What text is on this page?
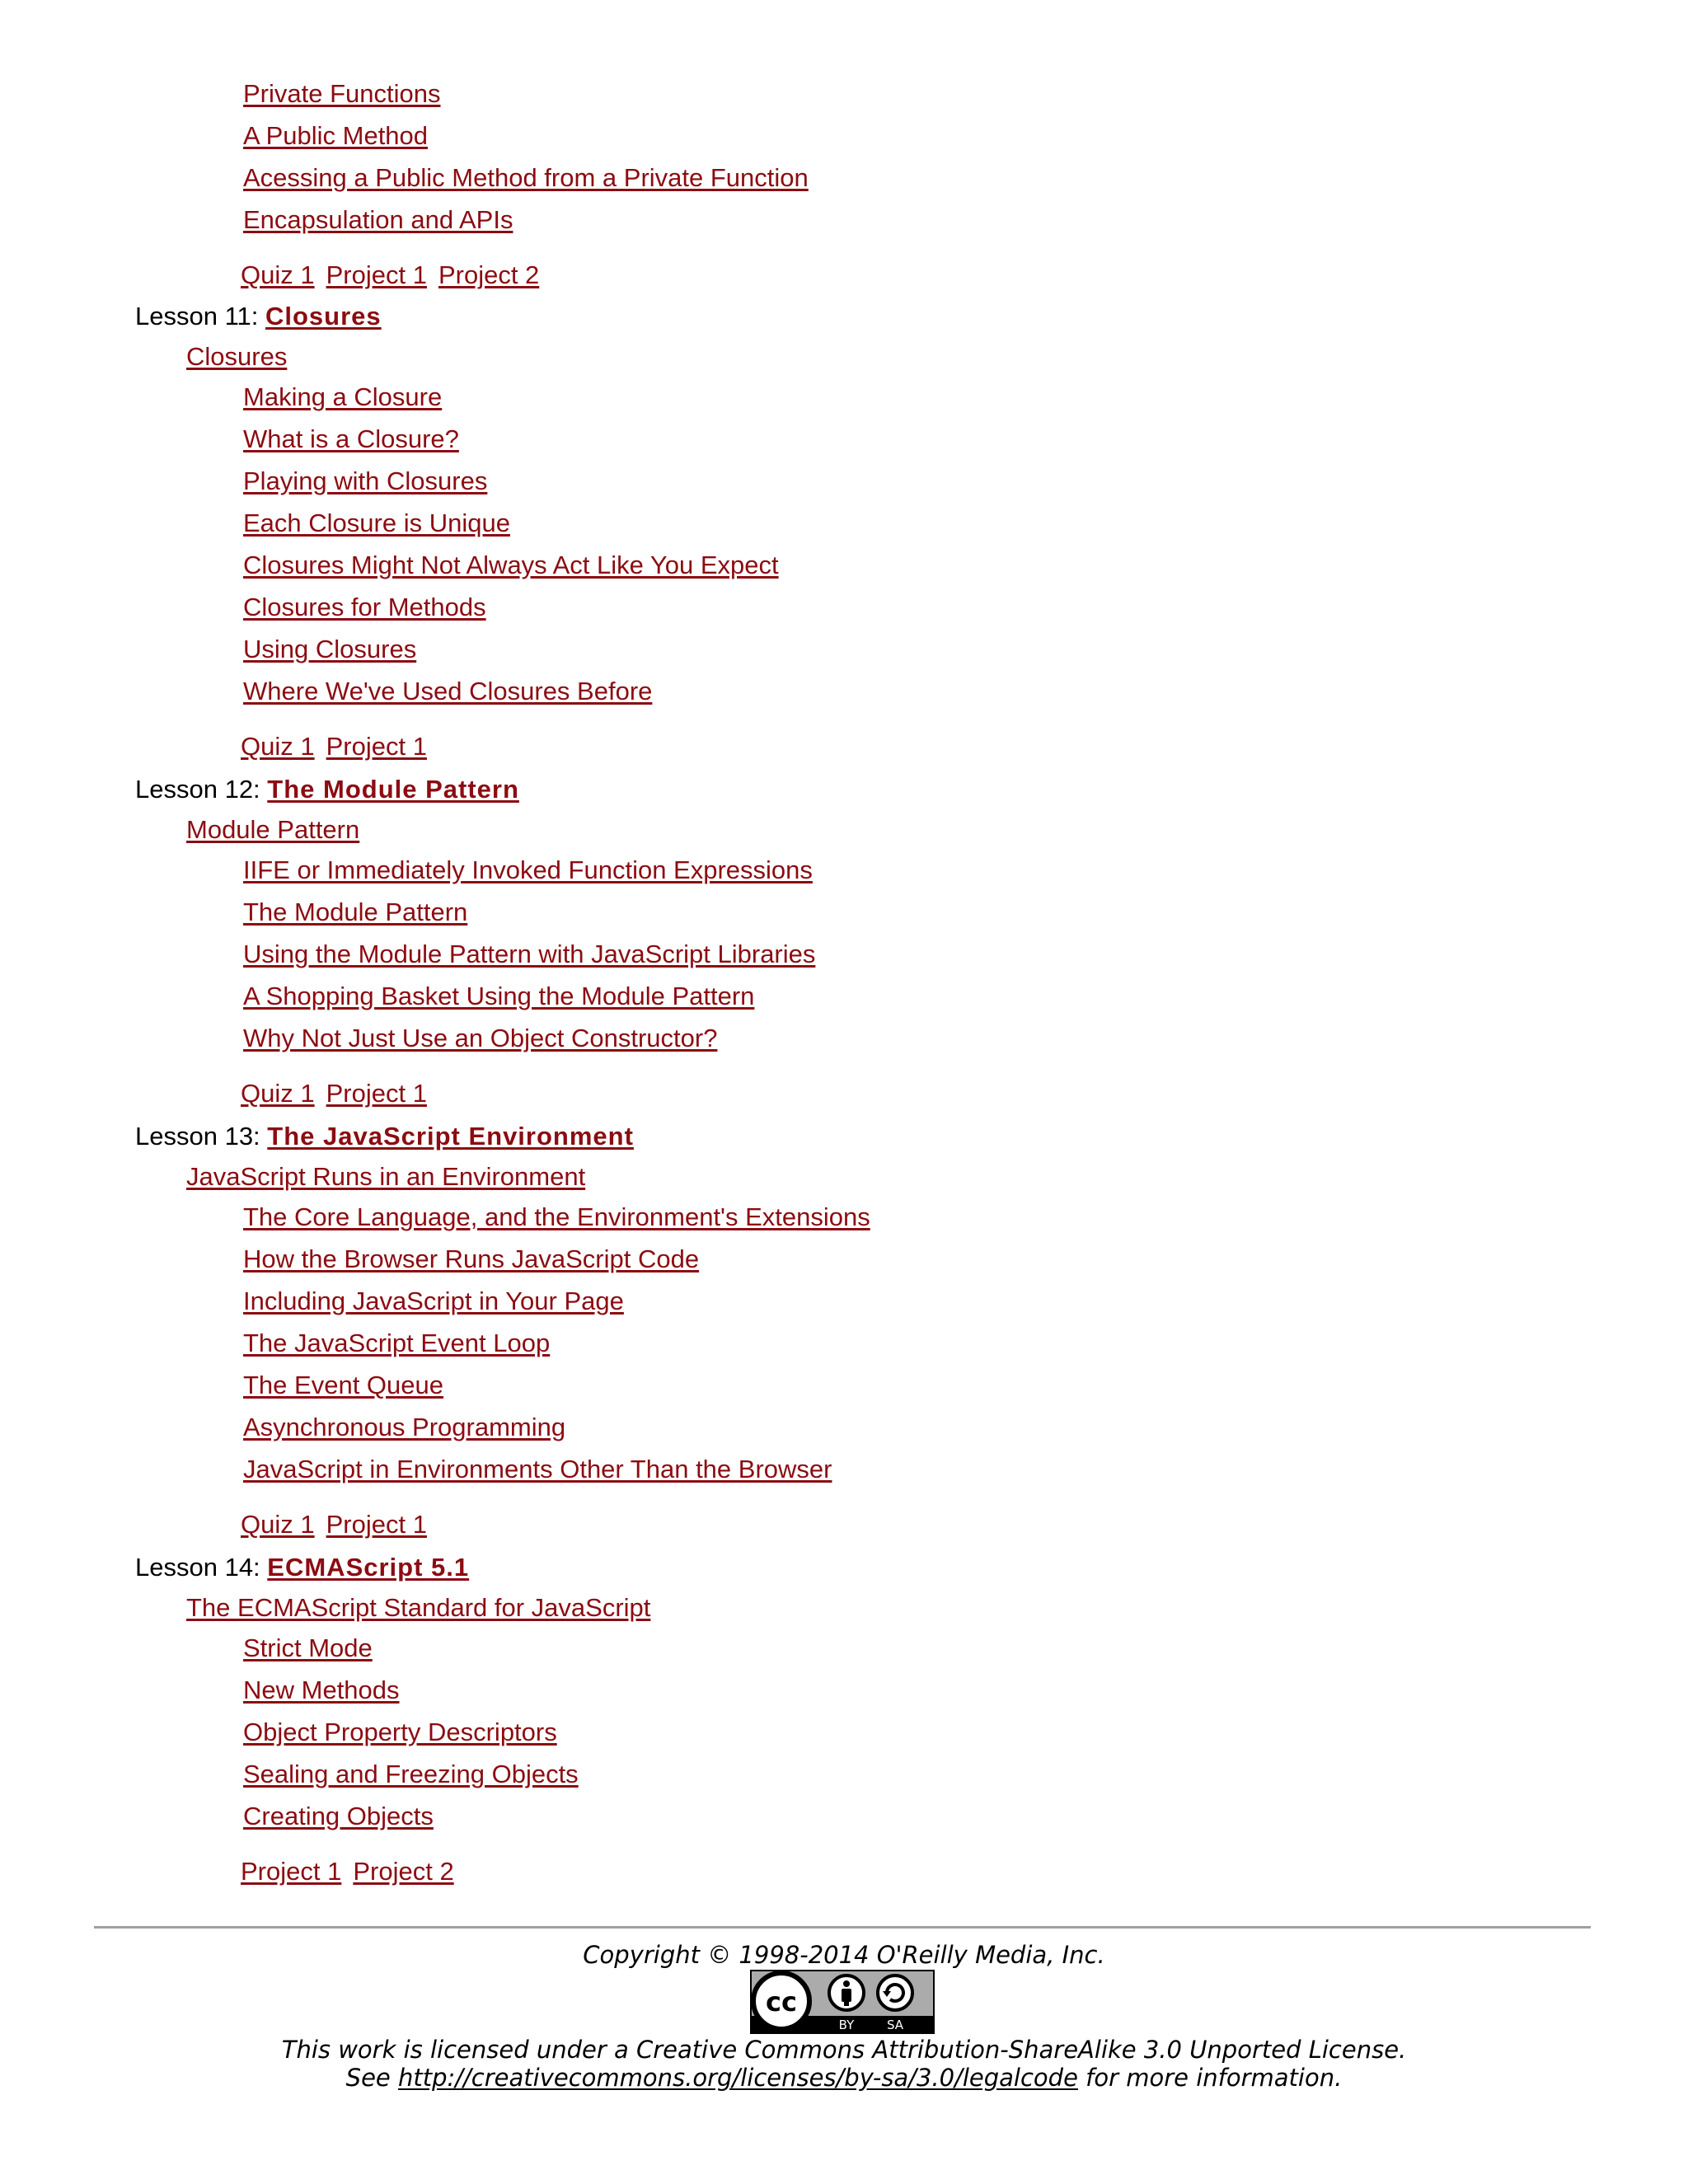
Private Functions
A Public Method
Acessing a Public Method from a Private Function
Encapsulation and APIs
Quiz 1 Project 1 Project 2
Lesson 11: Closures
Closures
Making a Closure
What is a Closure?
Playing with Closures
Each Closure is Unique
Closures Might Not Always Act Like You Expect
Closures for Methods
Using Closures
Where We've Used Closures Before
Quiz 1 Project 1
Lesson 12: The Module Pattern
Module Pattern
IIFE or Immediately Invoked Function Expressions
The Module Pattern
Using the Module Pattern with JavaScript Libraries
A Shopping Basket Using the Module Pattern
Why Not Just Use an Object Constructor?
Quiz 1 Project 1
Lesson 13: The JavaScript Environment
JavaScript Runs in an Environment
The Core Language, and the Environment's Extensions
How the Browser Runs JavaScript Code
Including JavaScript in Your Page
The JavaScript Event Loop
The Event Queue
Asynchronous Programming
JavaScript in Environments Other Than the Browser
Quiz 1 Project 1
Lesson 14: ECMAScript 5.1
The ECMAScript Standard for JavaScript
Strict Mode
New Methods
Object Property Descriptors
Sealing and Freezing Objects
Creating Objects
Project 1 Project 2
Copyright © 1998-2014 O'Reilly Media, Inc.
cc
BY	SA
This work is licensed under a Creative Commons Attribution-ShareAlike 3.0 Unported License.
See http://creativecommons.org/licenses/by-sa/3.0/legalcode for more information.
